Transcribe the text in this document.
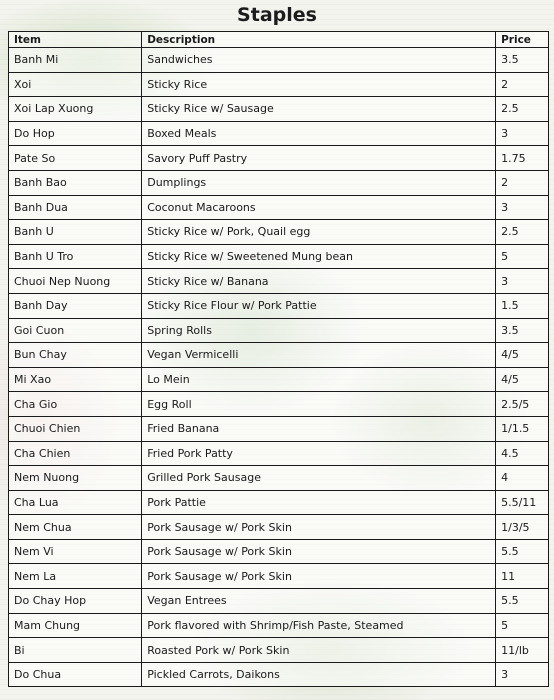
Staples
Item	Description	Price
Banh Mi	Sandwiches	3.5
Xoi	Sticky Rice	2
Xoi Lap Xuong	Sticky Rice w/ Sausage	2.5
Do Hop	Boxed Meals	3
Pate So	Savory Puff Pastry	1.75
Banh Bao	Dumplings	2
Banh Dua	Coconut Macaroons	3
Banh U	Sticky Rice w/ Pork, Quail egg	2.5
Banh U Tro	Sticky Rice w/ Sweetened Mung bean	5
Chuoi Nep Nuong	Sticky Rice w/ Banana	3
Banh Day	Sticky Rice Flour w/ Pork Pattie	1.5
Goi Cuon	Spring Rolls	3.5
Bun Chay	Vegan Vermicelli	4/5
Mi Xao	Lo Mein	4/5
Cha Gio	Egg Roll	2.5/5
Chuoi Chien	Fried Banana	1/1.5
Cha Chien	Fried Pork Patty	4.5
Nem Nuong	Grilled Pork Sausage	4
Cha Lua	Pork Pattie	5.5/11
Nem Chua	Pork Sausage w/ Pork Skin	1/3/5
Nem Vi	Pork Sausage w/ Pork Skin	5.5
Nem La	Pork Sausage w/ Pork Skin	11
Do Chay Hop	Vegan Entrees	5.5
Mam Chung	Pork flavored with Shrimp/Fish Paste, Steamed	5
Bi	Roasted Pork w/ Pork Skin	11/lb
Do Chua	Pickled Carrots, Daikons	3
